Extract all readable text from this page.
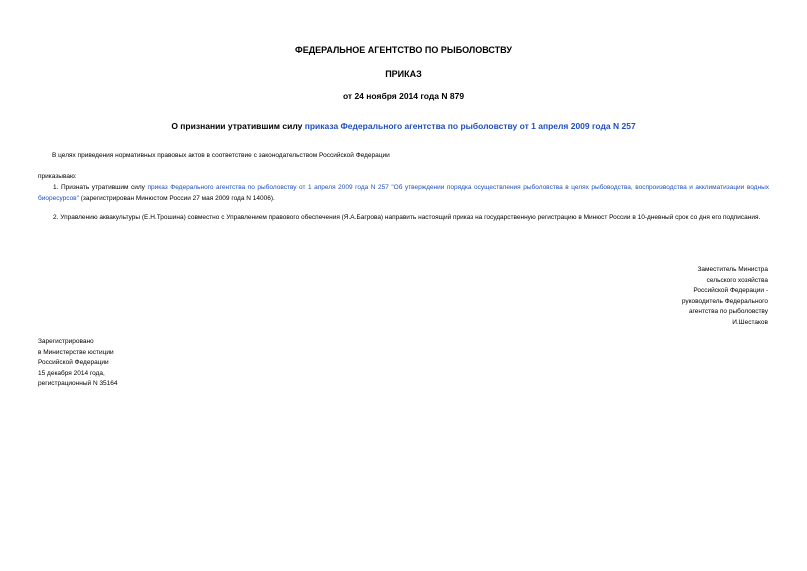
ФЕДЕРАЛЬНОЕ АГЕНТСТВО ПО РЫБОЛОВСТВУ
ПРИКАЗ
от 24 ноября 2014 года N 879
О признании утратившим силу приказа Федерального агентства по рыболовству от 1 апреля 2009 года N 257
В целях приведения нормативных правовых актов в соответствие с законодательством Российской Федерации
приказываю:
1. Признать утратившим силу приказ Федерального агентства по рыболовству от 1 апреля 2009 года N 257 "Об утверждении порядка осуществления рыболовства в целях рыбоводства, воспроизводства и акклиматизации водных биоресурсов" (зарегистрирован Минюстом России 27 мая 2009 года N 14006).
2. Управлению аквакультуры (Е.Н.Трошина) совместно с Управлением правового обеспечения (Я.А.Багрова) направить настоящий приказ на государственную регистрацию в Минюст России в 10-дневный срок со дня его подписания.
Заместитель Министра
сельского хозяйства
Российской Федерации -
руководитель Федерального
агентства по рыболовству
И.Шестаков
Зарегистрировано
в Министерстве юстиции
Российской Федерации
15 декабря 2014 года,
регистрационный N 35164
